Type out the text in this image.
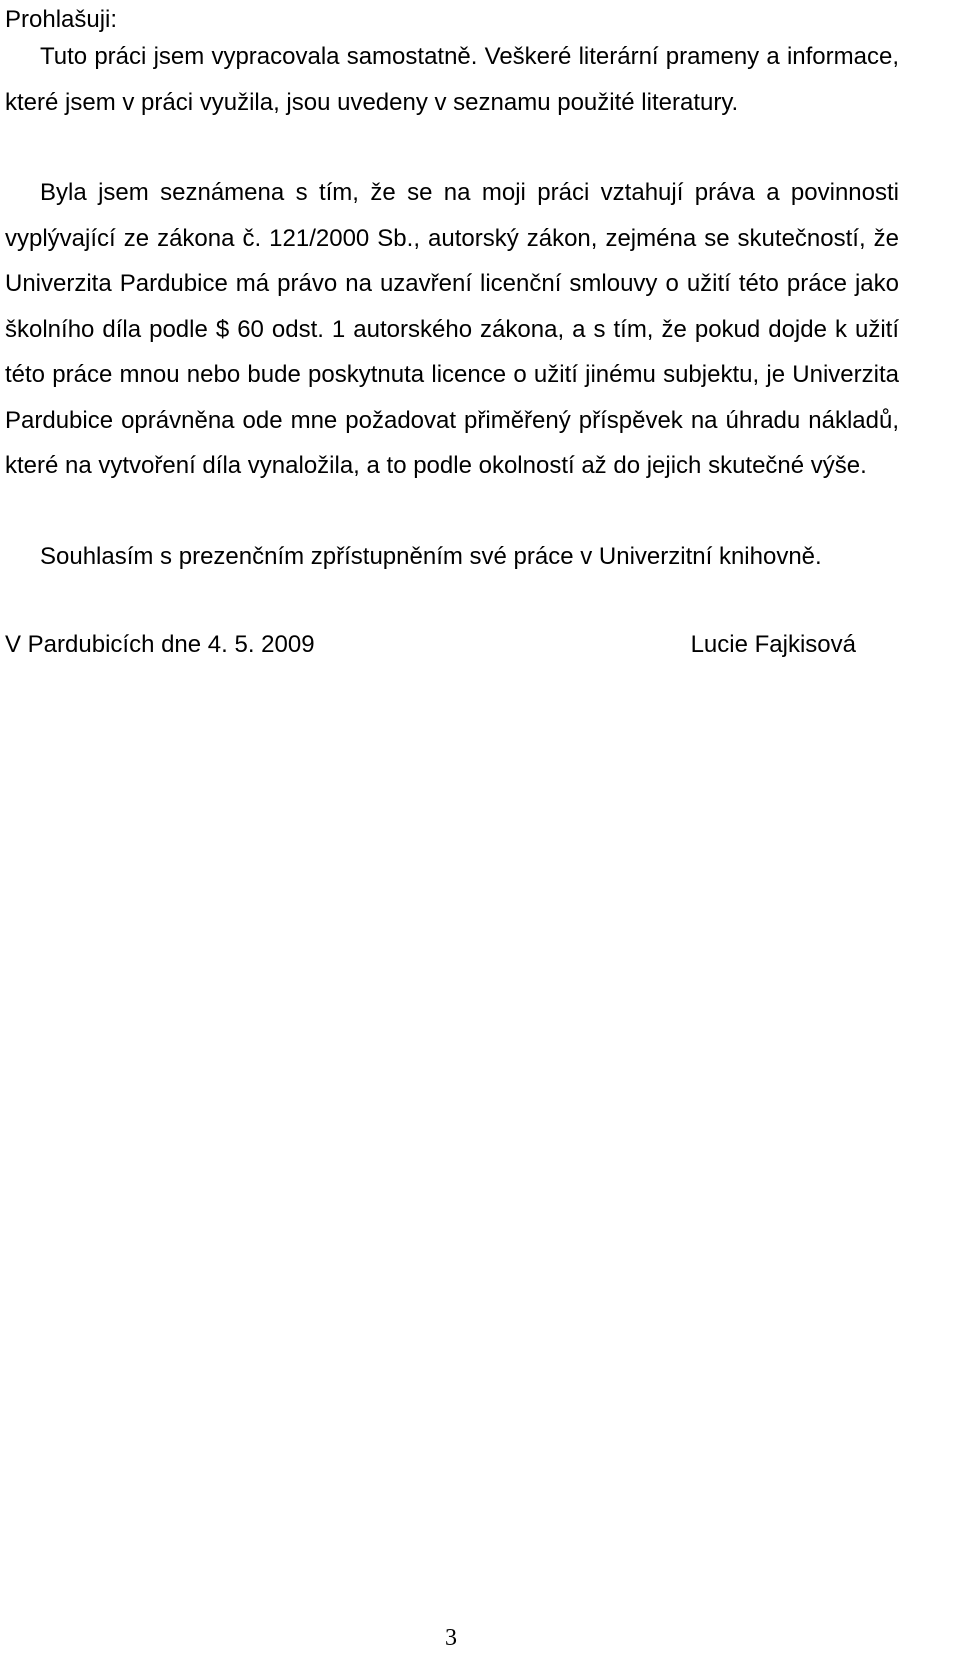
Prohlašuji:

Tuto práci jsem vypracovala samostatně. Veškeré literární prameny a informace, které jsem v práci využila, jsou uvedeny v seznamu použité literatury.

Byla jsem seznámena s tím, že se na moji práci vztahují práva a povinnosti vyplývající ze zákona č. 121/2000 Sb., autorský zákon, zejména se skutečností, že Univerzita Pardubice má právo na uzavření licenční smlouvy o užití této práce jako školního díla podle $ 60 odst. 1 autorského zákona, a s tím, že pokud dojde k užití této práce mnou nebo bude poskytnuta licence o užití jinému subjektu, je Univerzita Pardubice oprávněna ode mne požadovat přiměřený příspěvek na úhradu nákladů, které na vytvoření díla vynaložila, a to podle okolností až do jejich skutečné výše.

Souhlasím s prezenčním zpřístupněním své práce v Univerzitní knihovně.

V Pardubicích dne 4. 5. 2009	Lucie Fajkisová
3
